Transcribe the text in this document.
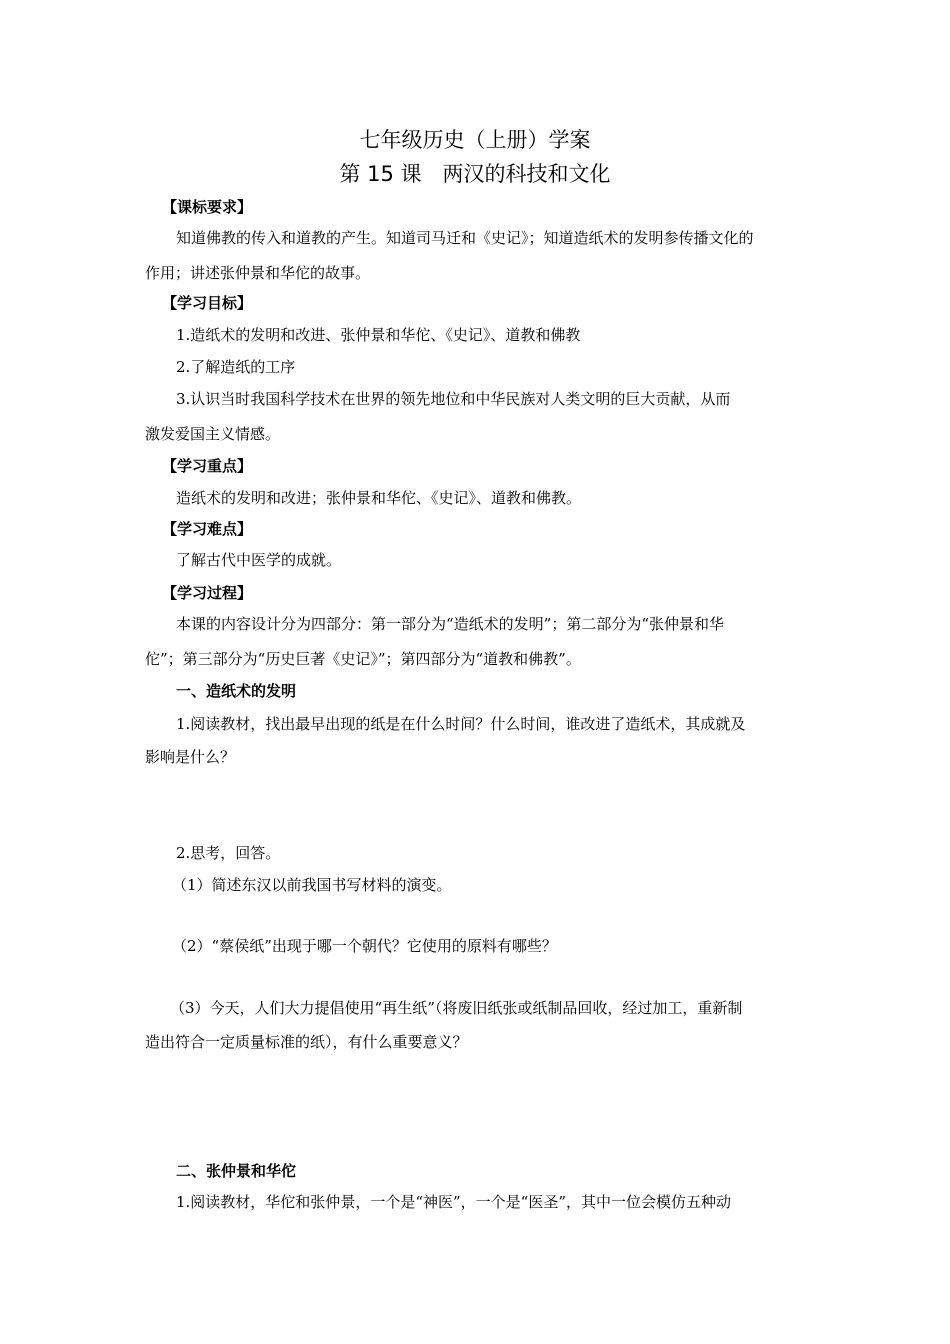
七年级历史（上册）学案
第 15 课　两汉的科技和文化
【课标要求】
知道佛教的传入和道教的产生。知道司马迁和《史记》；知道造纸术的发明参传播文化的
作用；讲述张仲景和华佗的故事。
【学习目标】
1.造纸术的发明和改进、张仲景和华佗、《史记》、道教和佛教
2.了解造纸的工序
3.认识当时我国科学技术在世界的领先地位和中华民族对人类文明的巨大贡献，从而
激发爱国主义情感。
【学习重点】
造纸术的发明和改进；张仲景和华佗、《史记》、道教和佛教。
【学习难点】
了解古代中医学的成就。
【学习过程】
本课的内容设计分为四部分：第一部分为“造纸术的发明”；第二部分为“张仲景和华
佗”；第三部分为“历史巨著《史记》”；第四部分为“道教和佛教”。
一、造纸术的发明
1.阅读教材，找出最早出现的纸是在什么时间？什么时间，谁改进了造纸术，其成就及
影响是什么？
2.思考，回答。
（1）简述东汉以前我国书写材料的演变。
（2）“蔡侯纸”出现于哪一个朝代？它使用的原料有哪些？
（3）今天，人们大力提倡使用“再生纸”（将废旧纸张或纸制品回收，经过加工，重新制
造出符合一定质量标准的纸），有什么重要意义？
二、张仲景和华佗
1.阅读教材，华佗和张仲景，一个是“神医”，一个是“医圣”，其中一位会模仿五种动
